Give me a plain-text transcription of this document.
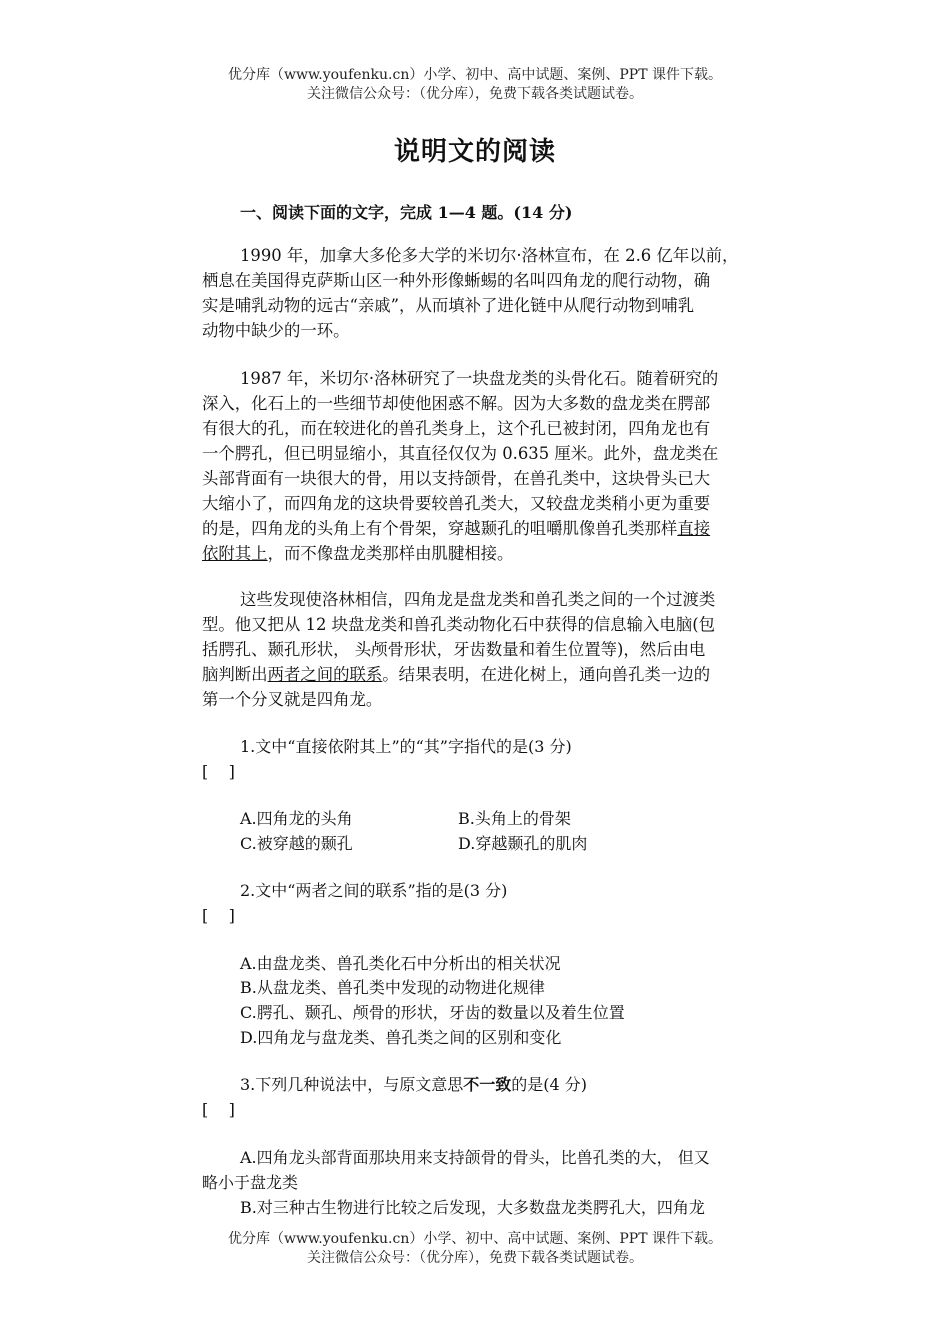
优分库（www.youfenku.cn）小学、初中、高中试题、案例、PPT 课件下载。
关注微信公众号：（优分库），免费下载各类试题试卷。
说明文的阅读
一、阅读下面的文字，完成 1—4 题。(14 分)
1990 年，加拿大多伦多大学的米切尔·洛林宣布，在 2.6 亿年以前，
栖息在美国得克萨斯山区一种外形像蜥蜴的名叫四角龙的爬行动物，确
实是哺乳动物的远古“亲戚”，从而填补了进化链中从爬行动物到哺乳
动物中缺少的一环。
1987 年，米切尔·洛林研究了一块盘龙类的头骨化石。随着研究的
深入，化石上的一些细节却使他困惑不解。因为大多数的盘龙类在腭部
有很大的孔，而在较进化的兽孔类身上，这个孔已被封闭，四角龙也有
一个腭孔，但已明显缩小，其直径仅仅为 0.635 厘米。此外，盘龙类在
头部背面有一块很大的骨，用以支持颌骨，在兽孔类中，这块骨头已大
大缩小了，而四角龙的这块骨要较兽孔类大，又较盘龙类稍小更为重要
的是，四角龙的头角上有个骨架，穿越颞孔的咀嚼肌像兽孔类那样直接
依附其上，而不像盘龙类那样由肌腱相接。
这些发现使洛林相信，四角龙是盘龙类和兽孔类之间的一个过渡类
型。他又把从 12 块盘龙类和兽孔类动物化石中获得的信息输入电脑(包
括腭孔、颞孔形状， 头颅骨形状，牙齿数量和着生位置等)，然后由电
脑判断出两者之间的联系。结果表明，在进化树上，通向兽孔类一边的
第一个分叉就是四角龙。
1.文中“直接依附其上”的“其”字指代的是(3 分)
[    ]
A.四角龙的头角	B.头角上的骨架
C.被穿越的颞孔	D.穿越颞孔的肌肉
2.文中“两者之间的联系”指的是(3 分)
[    ]
A.由盘龙类、兽孔类化石中分析出的相关状况
B.从盘龙类、兽孔类中发现的动物进化规律
C.腭孔、颞孔、颅骨的形状，牙齿的数量以及着生位置
D.四角龙与盘龙类、兽孔类之间的区别和变化
3.下列几种说法中，与原文意思不一致的是(4 分)
[    ]
A.四角龙头部背面那块用来支持颌骨的骨头，比兽孔类的大， 但又
略小于盘龙类
B.对三种古生物进行比较之后发现，大多数盘龙类腭孔大，四角龙
优分库（www.youfenku.cn）小学、初中、高中试题、案例、PPT 课件下载。
关注微信公众号：（优分库），免费下载各类试题试卷。
